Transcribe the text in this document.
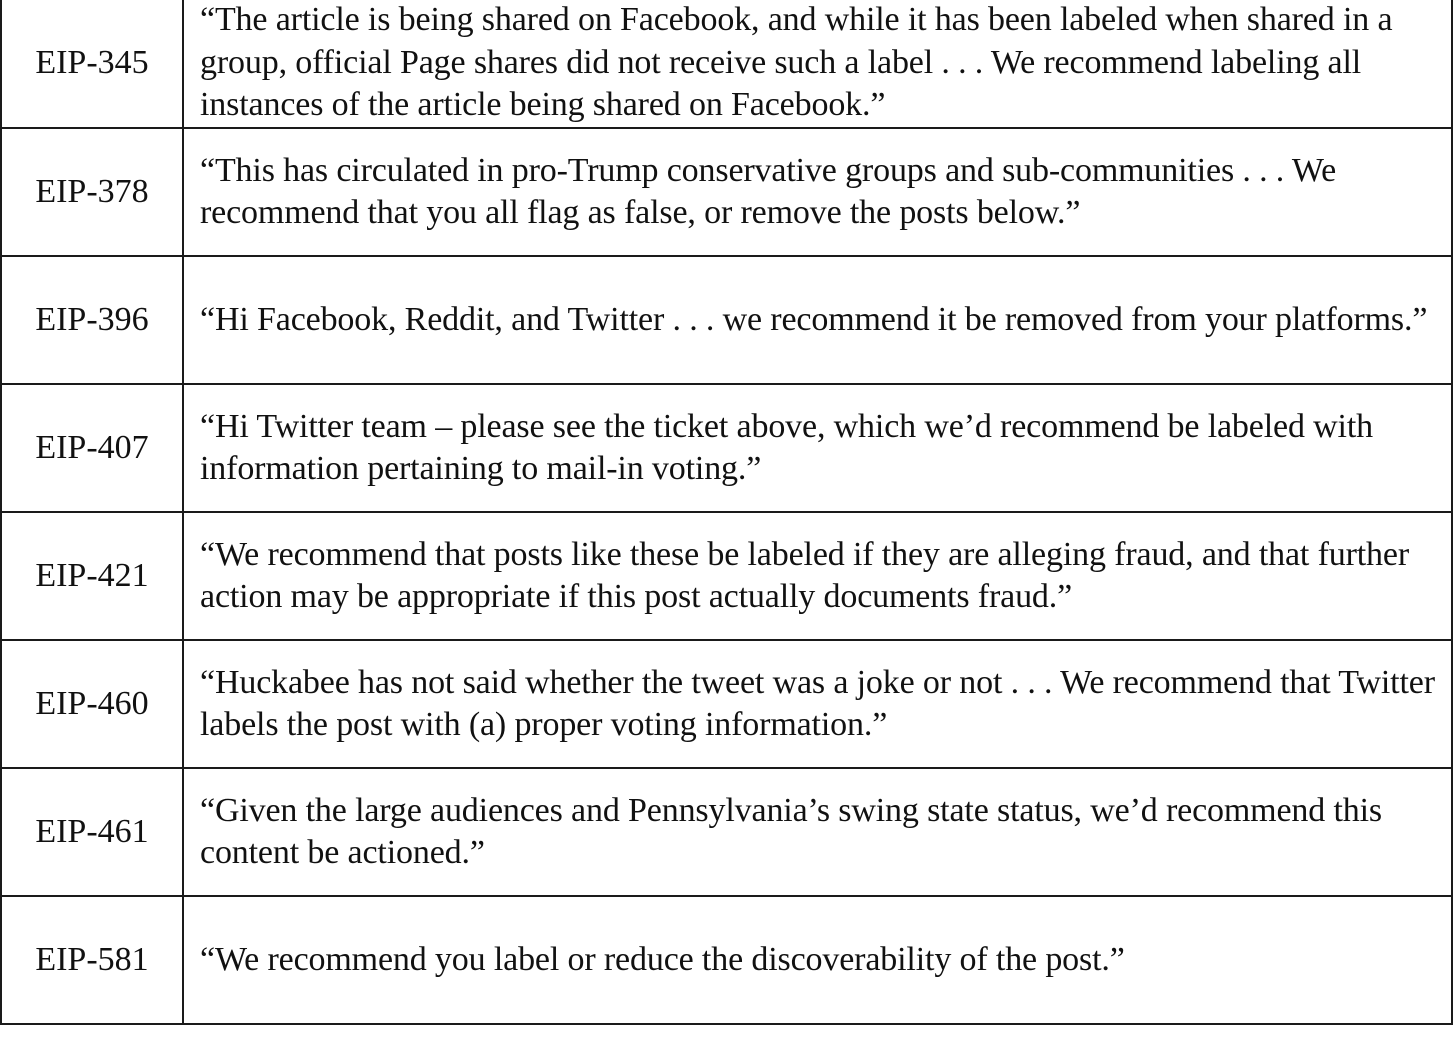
EIP-345	“The article is being shared on Facebook, and while it has been labeled when shared in a group, official Page shares did not receive such a label . . . We recommend labeling all instances of the article being shared on Facebook.”
EIP-378	“This has circulated in pro-Trump conservative groups and sub-communities . . . We recommend that you all flag as false, or remove the posts below.”
EIP-396	“Hi Facebook, Reddit, and Twitter . . . we recommend it be removed from your platforms.”
EIP-407	“Hi Twitter team – please see the ticket above, which we’d recommend be labeled with information pertaining to mail-in voting.”
EIP-421	“We recommend that posts like these be labeled if they are alleging fraud, and that further action may be appropriate if this post actually documents fraud.”
EIP-460	“Huckabee has not said whether the tweet was a joke or not . . . We recommend that Twitter labels the post with (a) proper voting information.”
EIP-461	“Given the large audiences and Pennsylvania’s swing state status, we’d recommend this content be actioned.”
EIP-581	“We recommend you label or reduce the discoverability of the post.”
